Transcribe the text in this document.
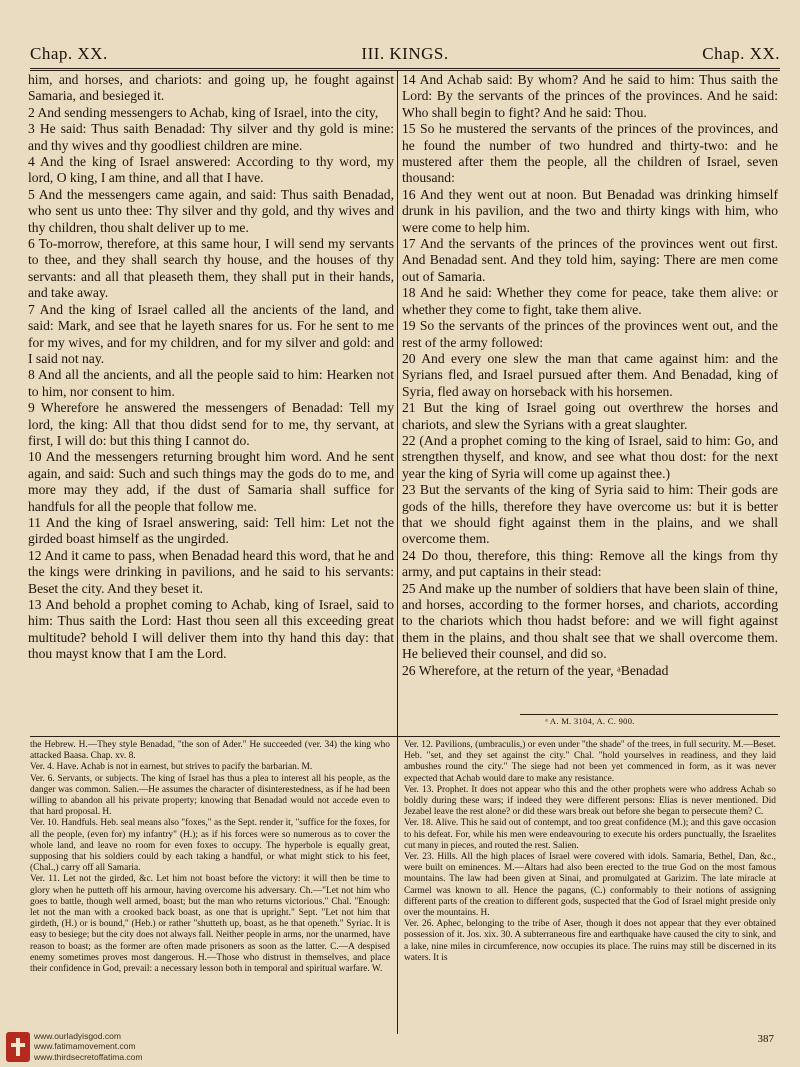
Chap. XX.	III. KINGS.	Chap. XX.

him, and horses, and chariots: and going up, he fought against Samaria, and besieged it.

2 And sending messengers to Achab, king of Israel, into the city,

3 He said: Thus saith Benadad: Thy silver and thy gold is mine: and thy wives and thy goodliest children are mine.

4 And the king of Israel answered: According to thy word, my lord, O king, I am thine, and all that I have.

5 And the messengers came again, and said: Thus saith Benadad, who sent us unto thee: Thy silver and thy gold, and thy wives and thy children, thou shalt deliver up to me.

6 To-morrow, therefore, at this same hour, I will send my servants to thee, and they shall search thy house, and the houses of thy servants: and all that pleaseth them, they shall put in their hands, and take away.

7 And the king of Israel called all the ancients of the land, and said: Mark, and see that he layeth snares for us. For he sent to me for my wives, and for my children, and for my silver and gold: and I said not nay.

8 And all the ancients, and all the people said to him: Hearken not to him, nor consent to him.

9 Wherefore he answered the messengers of Benadad: Tell my lord, the king: All that thou didst send for to me, thy servant, at first, I will do: but this thing I cannot do.

10 And the messengers returning brought him word. And he sent again, and said: Such and such things may the gods do to me, and more may they add, if the dust of Samaria shall suffice for handfuls for all the people that follow me.

11 And the king of Israel answering, said: Tell him: Let not the girded boast himself as the ungirded.

12 And it came to pass, when Benadad heard this word, that he and the kings were drinking in pavilions, and he said to his servants: Beset the city. And they beset it.

13 And behold a prophet coming to Achab, king of Israel, said to him: Thus saith the Lord: Hast thou seen all this exceeding great multitude? behold I will deliver them into thy hand this day: that thou mayst know that I am the Lord.

14 And Achab said: By whom? And he said to him: Thus saith the Lord: By the servants of the princes of the provinces. And he said: Who shall begin to fight? And he said: Thou.

15 So he mustered the servants of the princes of the provinces, and he found the number of two hundred and thirty-two: and he mustered after them the people, all the children of Israel, seven thousand:

16 And they went out at noon. But Benadad was drinking himself drunk in his pavilion, and the two and thirty kings with him, who were come to help him.

17 And the servants of the princes of the provinces went out first. And Benadad sent. And they told him, saying: There are men come out of Samaria.

18 And he said: Whether they come for peace, take them alive: or whether they come to fight, take them alive.

19 So the servants of the princes of the provinces went out, and the rest of the army followed:

20 And every one slew the man that came against him: and the Syrians fled, and Israel pursued after them. And Benadad, king of Syria, fled away on horseback with his horsemen.

21 But the king of Israel going out overthrew the horses and chariots, and slew the Syrians with a great slaughter.

22 (And a prophet coming to the king of Israel, said to him: Go, and strengthen thyself, and know, and see what thou dost: for the next year the king of Syria will come up against thee.)

23 But the servants of the king of Syria said to him: Their gods are gods of the hills, therefore they have overcome us: but it is better that we should fight against them in the plains, and we shall overcome them.

24 Do thou, therefore, this thing: Remove all the kings from thy army, and put captains in their stead:

25 And make up the number of soldiers that have been slain of thine, and horses, according to the former horses, and chariots, according to the chariots which thou hadst before: and we will fight against them in the plains, and thou shalt see that we shall overcome them. He believed their counsel, and did so.

26 Wherefore, at the return of the year, ᵃBenadad

ᵃ A. M. 3104, A. C. 900.

the Hebrew. H.—They style Benadad, "the son of Ader." He succeeded (ver. 34) the king who attacked Baasa. Chap. xv. 8.

Ver. 4. Have. Achab is not in earnest, but strives to pacify the barbarian. M.

Ver. 6. Servants, or subjects. The king of Israel has thus a plea to interest all his people, as the danger was common. Salien.—He assumes the character of disinterestedness, as if he had been willing to abandon all his private property; knowing that Benadad would not accede even to that hard proposal. H.

Ver. 10. Handfuls. Heb. seal means also "foxes," as the Sept. render it, "suffice for the foxes, for all the people, (even for) my infantry" (H.); as if his forces were so numerous as to cover the whole land, and leave no room for even foxes to occupy. The hyperbole is equally great, supposing that his soldiers could by each taking a handful, or what might stick to his feet, (Chal.,) carry off all Samaria.

Ver. 11. Let not the girded, &c. Let him not boast before the victory: it will then be time to glory when he putteth off his armour, having overcome his adversary. Ch.—"Let not him who goes to battle, though well armed, boast; but the man who returns victorious." Chal. "Enough: let not the man with a crooked back boast, as one that is upright." Sept. "Let not him that girdeth, (H.) or is bound," (Heb.) or rather "shutteth up, boast, as he that openeth." Syriac. It is easy to besiege; but the city does not always fall. Neither people in arms, nor the unarmed, have reason to boast; as the former are often made prisoners as soon as the latter. C.—A despised enemy sometimes proves most dangerous. H.—Those who distrust in themselves, and place their confidence in God, prevail: a necessary lesson both in temporal and spiritual warfare. W.

Ver. 12. Pavilions, (umbraculis,) or even under "the shade" of the trees, in full security. M.—Beset. Heb. "set, and they set against the city." Chal. "hold yourselves in readiness, and they laid ambushes round the city." The siege had not been yet commenced in form, as it was never expected that Achab would dare to make any resistance.

Ver. 13. Prophet. It does not appear who this and the other prophets were who address Achab so boldly during these wars; if indeed they were different persons: Elias is never mentioned. Did Jezabel leave the rest alone? or did these wars break out before she began to persecute them? C.

Ver. 18. Alive. This he said out of contempt, and too great confidence (M.); and this gave occasion to his defeat. For, while his men were endeavouring to execute his orders punctually, the Israelites cut many in pieces, and routed the rest. Salien.

Ver. 23. Hills. All the high places of Israel were covered with idols. Samaria, Bethel, Dan, &c., were built on eminences. M.—Altars had also been erected to the true God on the most famous mountains. The law had been given at Sinai, and promulgated at Garizim. The late miracle at Carmel was known to all. Hence the pagans, (C.) conformably to their notions of assigning different parts of the creation to different gods, suspected that the God of Israel might preside only over the mountains. H.

Ver. 26. Aphec, belonging to the tribe of Aser, though it does not appear that they ever obtained possession of it. Jos. xix. 30. A subterraneous fire and earthquake have caused the city to sink, and a lake, nine miles in circumference, now occupies its place. The ruins may still be discerned in its waters. It is

387
www.ourladyisgod.com
www.fatimamovement.com
www.thirdsecretoffatima.com
